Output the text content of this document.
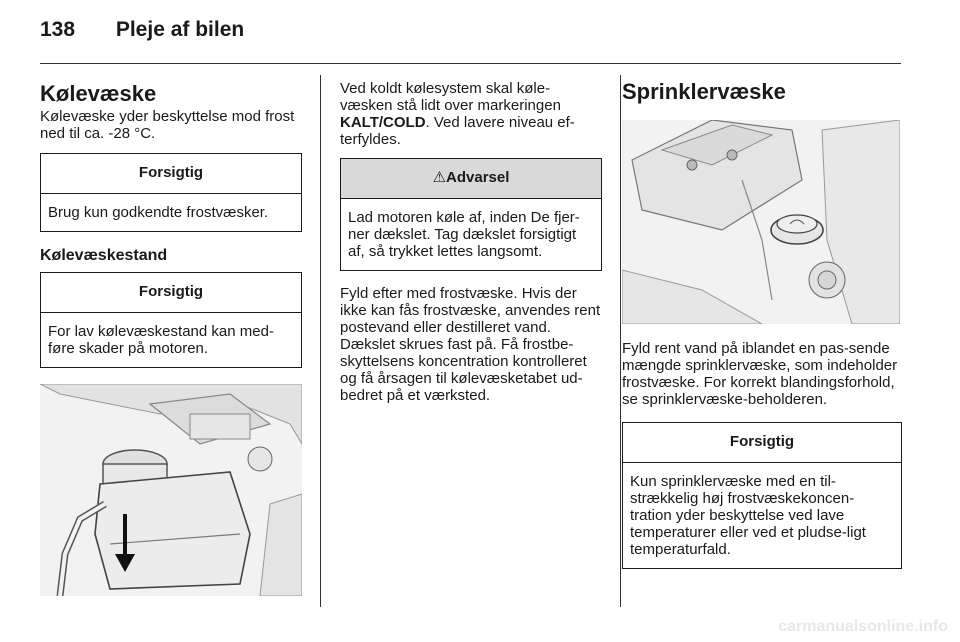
138 Pleje af bilen
Kølevæske

Kølevæske yder beskyttelse mod frost ned til ca. -28 °C.

Forsigtig
Brug kun godkendte frostvæsker.
Kølevæskestand
Forsigtig
For lav kølevæskestand kan med-føre skader på motoren.

Ved koldt kølesystem skal køle-væsken stå lidt over markeringen KALT/COLD. Ved lavere niveau ef-terfyldes.

⚠Advarsel
Lad motoren køle af, inden De fjer-ner dækslet. Tag dækslet forsigtigt af, så trykket lettes langsomt.

Fyld efter med frostvæske. Hvis der ikke kan fås frostvæske, anvendes rent postevand eller destilleret vand. Dækslet skrues fast på. Få frostbe-skyttelsens koncentration kontrolleret og få årsagen til kølevæsketabet ud-bedret på et værksted.

Sprinklervæske

Fyld rent vand på iblandet en pas-sende mængde sprinklervæske, som indeholder frostvæske. For korrekt blandingsforhold, se sprinklervæske-beholderen.

Forsigtig
Kun sprinklervæske med en til-strækkelig høj frostvæskekoncen-tration yder beskyttelse ved lave temperaturer eller ved et pludse-ligt temperaturfald.
carmanualsonline.info
